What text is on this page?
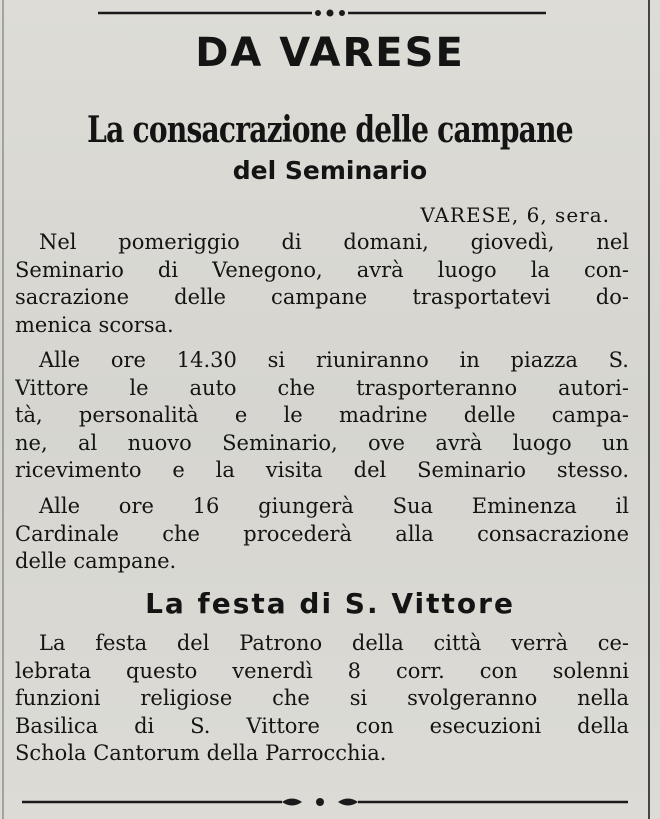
DA VARESE
La consacrazione delle campane
del Seminario
VARESE, 6, sera.

Nel pomeriggio di domani, giovedì, nel
Seminario di Venegono, avrà luogo la con-
sacrazione delle campane trasportatevi do-
menica scorsa.

Alle ore 14.30 si riuniranno in piazza S.
Vittore le auto che trasporteranno autori-
tà, personalità e le madrine delle campa-
ne, al nuovo Seminario, ove avrà luogo un
ricevimento e la visita del Seminario stesso.

Alle ore 16 giungerà Sua Eminenza il
Cardinale che procederà alla consacrazione
delle campane.

La festa di S. Vittore

La festa del Patrono della città verrà ce-
lebrata questo venerdì 8 corr. con solenni
funzioni religiose che si svolgeranno nella
Basilica di S. Vittore con esecuzioni della
Schola Cantorum della Parrocchia.
